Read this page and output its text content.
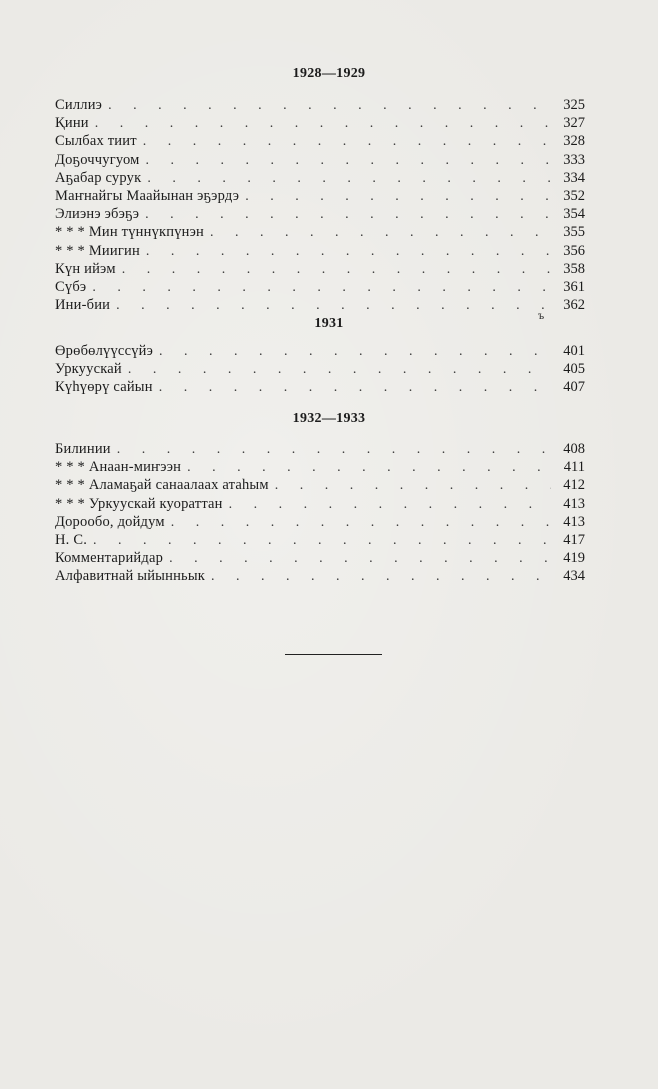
1928—1929
Силлиэ . . .	325
Қини . . .	327
Сылбах тиит . . .	328
Доҕоччугуом . . .	333
Аҕабар сурук . . .	334
Маҥнайгы Маайынан эҕэрдэ . . .	352
Элиэнэ эбэҕэ . . .	354
* * * Мин түннүкпүнэн . . .	355
* * * Миигин . . .	356
Күн ийэм . . .	358
Сүбэ . . .	361
Ини-бии . . .	362
ъ
1931
Өрөбөлүүссүйэ . . .	401
Уркуускай . . .	405
Күһүөрү сайын . . .	407
1932—1933
Билинии . . .	408
* * * Анаан-миҥээн . . .	411
* * * Аламаҕай санаалаах атаһым . . .	412
* * * Уркуускай куораттан . . .	413
Дорообо, дойдум . . .	413
Н. С. . . .	417
Комментарийдар . . .	419
Алфавитнай ыйынньык . . .	434
